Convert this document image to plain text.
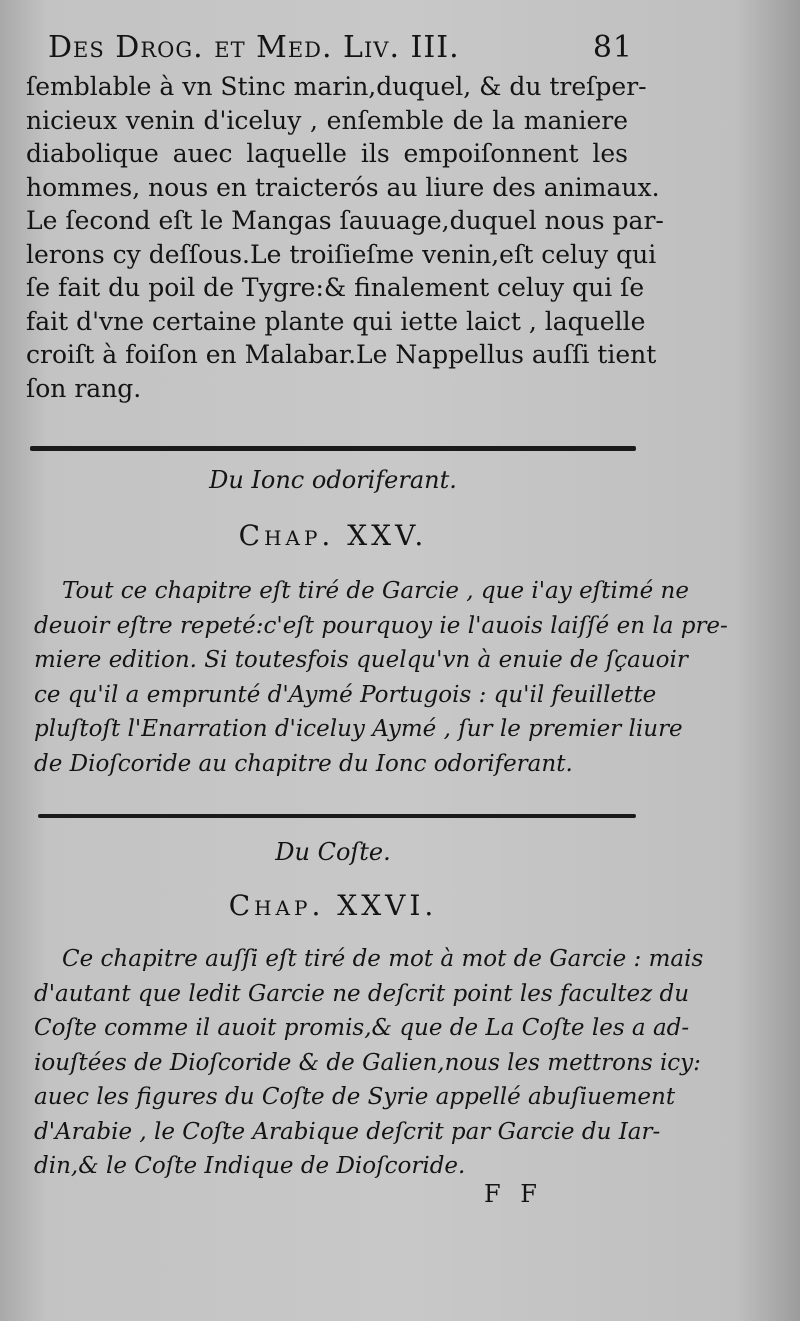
Des Drog. et Med. Liv. III.	81
ſemblable à vn Stinc marin,duquel, & du treſper-
nicieux venin d'iceluy , enſemble de la maniere
diabolique auec laquelle ils empoiſonnent les
hommes, nous en traicterós au liure des animaux.
Le ſecond eſt le Mangas ſauuage,duquel nous par-
lerons cy deſſous.Le troiſieſme venin,eſt celuy qui
ſe fait du poil de Tygre:& finalement celuy qui ſe
fait d'vne certaine plante qui iette laict , laquelle
croiſt à foiſon en Malabar.Le Nappellus auſſi tient
ſon rang.
Du Ionc odoriferant.
Chap. XXV.
Tout ce chapitre eſt tiré de Garcie , que i'ay eſtimé ne
deuoir eſtre repeté:c'eſt pourquoy ie l'auois laiſſé en la pre-
miere edition. Si toutesfois quelqu'vn à enuie de ſçauoir
ce qu'il a emprunté d'Aymé Portugois : qu'il feuillette
pluſtoſt l'Enarration d'iceluy Aymé , ſur le premier liure
de Dioſcoride au chapitre du Ionc odoriferant.
Du Coſte.
Chap. XXVI.
Ce chapitre auſſi eſt tiré de mot à mot de Garcie : mais
d'autant que ledit Garcie ne deſcrit point les facultez du
Coſte comme il auoit promis,& que de La Coſte les a ad-
iouſtées de Dioſcoride & de Galien,nous les mettrons icy:
auec les figures du Coſte de Syrie appellé abuſiuement
d'Arabie , le Coſte Arabique deſcrit par Garcie du Iar-
din,& le Coſte Indique de Dioſcoride.
F F
